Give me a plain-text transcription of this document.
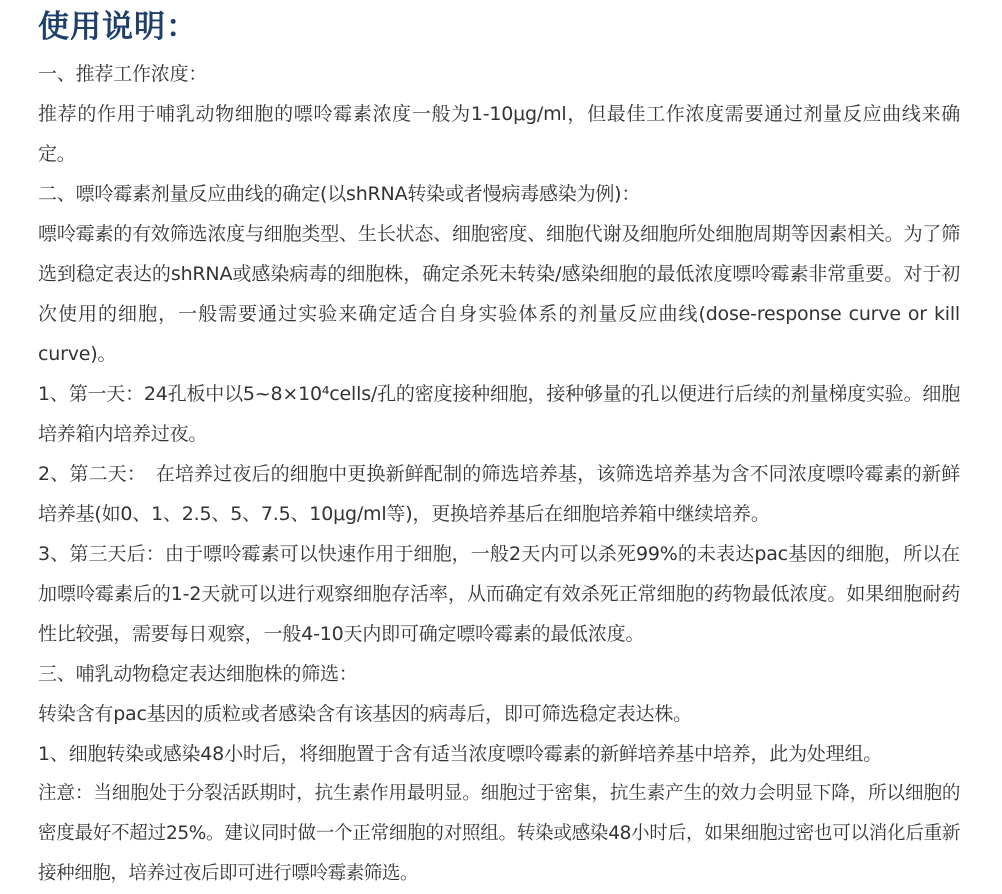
使用说明：

一、推荐工作浓度：

推荐的作用于哺乳动物细胞的嘌呤霉素浓度一般为1-10μg/ml，但最佳工作浓度需要通过剂量反应曲线来确定。

二、嘌呤霉素剂量反应曲线的确定(以shRNA转染或者慢病毒感染为例)：

嘌呤霉素的有效筛选浓度与细胞类型、生长状态、细胞密度、细胞代谢及细胞所处细胞周期等因素相关。为了筛选到稳定表达的shRNA或感染病毒的细胞株，确定杀死未转染/感染细胞的最低浓度嘌呤霉素非常重要。对于初次使用的细胞，一般需要通过实验来确定适合自身实验体系的剂量反应曲线(dose-response curve or kill curve)。

1、第一天：24孔板中以5~8×10⁴cells/孔的密度接种细胞，接种够量的孔以便进行后续的剂量梯度实验。细胞培养箱内培养过夜。

2、第二天：　在培养过夜后的细胞中更换新鲜配制的筛选培养基，该筛选培养基为含不同浓度嘌呤霉素的新鲜培养基(如0、1、2.5、5、7.5、10μg/ml等)，更换培养基后在细胞培养箱中继续培养。

3、第三天后：由于嘌呤霉素可以快速作用于细胞，一般2天内可以杀死99%的未表达pac基因的细胞，所以在加嘌呤霉素后的1-2天就可以进行观察细胞存活率，从而确定有效杀死正常细胞的药物最低浓度。如果细胞耐药性比较强，需要每日观察，一般4-10天内即可确定嘌呤霉素的最低浓度。

三、哺乳动物稳定表达细胞株的筛选：

转染含有pac基因的质粒或者感染含有该基因的病毒后，即可筛选稳定表达株。

1、细胞转染或感染48小时后，将细胞置于含有适当浓度嘌呤霉素的新鲜培养基中培养，此为处理组。

注意：当细胞处于分裂活跃期时，抗生素作用最明显。细胞过于密集，抗生素产生的效力会明显下降，所以细胞的密度最好不超过25%。建议同时做一个正常细胞的对照组。转染或感染48小时后，如果细胞过密也可以消化后重新接种细胞，培养过夜后即可进行嘌呤霉素筛选。
